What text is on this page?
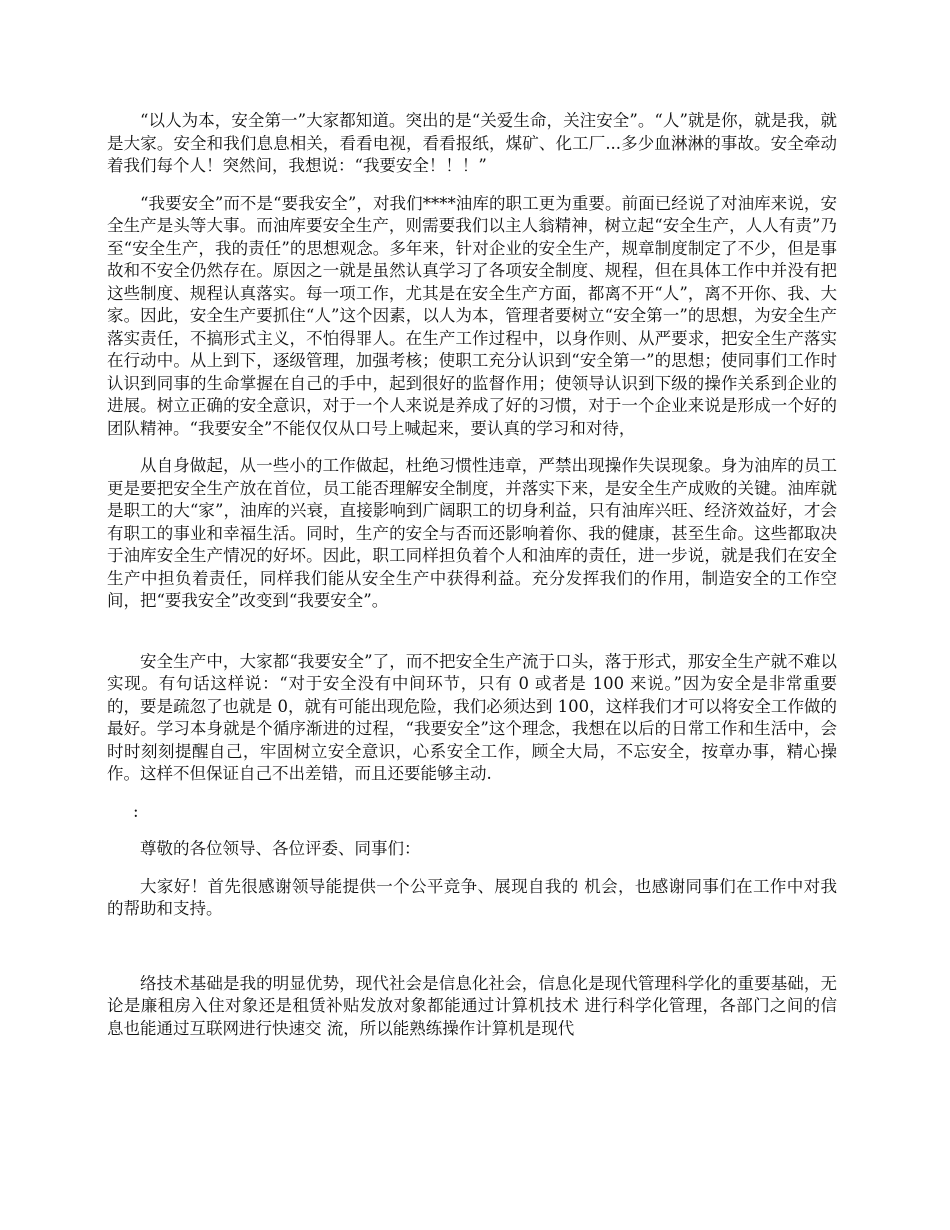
“以人为本，安全第一”大家都知道。突出的是“关爱生命，关注安全”。“人”就是你，就是我，就是大家。安全和我们息息相关，看看电视，看看报纸，煤矿、化工厂...多少血淋淋的事故。安全牵动着我们每个人！突然间，我想说：“我要安全！！！”

“我要安全”而不是“要我安全”，对我们****油库的职工更为重要。前面已经说了对油库来说，安全生产是头等大事。而油库要安全生产，则需要我们以主人翁精神，树立起“安全生产，人人有责”乃至“安全生产，我的责任”的思想观念。多年来，针对企业的安全生产，规章制度制定了不少，但是事故和不安全仍然存在。原因之一就是虽然认真学习了各项安全制度、规程，但在具体工作中并没有把这些制度、规程认真落实。每一项工作，尤其是在安全生产方面，都离不开“人”，离不开你、我、大家。因此，安全生产要抓住“人”这个因素，以人为本，管理者要树立“安全第一”的思想，为安全生产落实责任，不搞形式主义，不怕得罪人。在生产工作过程中，以身作则、从严要求，把安全生产落实在行动中。从上到下，逐级管理，加强考核；使职工充分认识到“安全第一”的思想；使同事们工作时认识到同事的生命掌握在自己的手中，起到很好的监督作用；使领导认识到下级的操作关系到企业的进展。树立正确的安全意识，对于一个人来说是养成了好的习惯，对于一个企业来说是形成一个好的团队精神。“我要安全”不能仅仅从口号上喊起来，要认真的学习和对待，

从自身做起，从一些小的工作做起，杜绝习惯性违章，严禁出现操作失误现象。身为油库的员工更是要把安全生产放在首位，员工能否理解安全制度，并落实下来，是安全生产成败的关键。油库就是职工的大“家”，油库的兴衰，直接影响到广阔职工的切身利益，只有油库兴旺、经济效益好，才会有职工的事业和幸福生活。同时，生产的安全与否而还影响着你、我的健康，甚至生命。这些都取决于油库安全生产情况的好坏。因此，职工同样担负着个人和油库的责任，进一步说，就是我们在安全生产中担负着责任，同样我们能从安全生产中获得利益。充分发挥我们的作用，制造安全的工作空间，把“要我安全”改变到“我要安全”。

安全生产中，大家都“我要安全”了，而不把安全生产流于口头，落于形式，那安全生产就不难以实现。有句话这样说：“对于安全没有中间环节，只有 0 或者是 100 来说。”因为安全是非常重要的，要是疏忽了也就是 0，就有可能出现危险，我们必须达到 100，这样我们才可以将安全工作做的最好。学习本身就是个循序渐进的过程，“我要安全”这个理念，我想在以后的日常工作和生活中，会时时刻刻提醒自己，牢固树立安全意识，心系安全工作，顾全大局，不忘安全，按章办事，精心操作。这样不但保证自己不出差错，而且还要能够主动.

:

尊敬的各位领导、各位评委、同事们：

大家好！首先很感谢领导能提供一个公平竞争、展现自我的 机会，也感谢同事们在工作中对我的帮助和支持。

络技术基础是我的明显优势，现代社会是信息化社会，信息化是现代管理科学化的重要基础，无论是廉租房入住对象还是租赁补贴发放对象都能通过计算机技术 进行科学化管理，各部门之间的信息也能通过互联网进行快速交 流，所以能熟练操作计算机是现代
